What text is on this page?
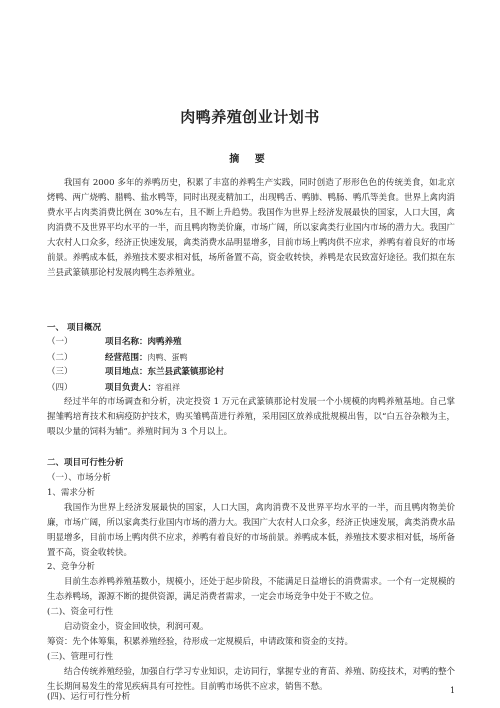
肉鸭养殖创业计划书
摘 要
我国有 2000 多年的养鸭历史，积累了丰富的养鸭生产实践，同时创造了形形色色的传统美食，如北京烤鸭、两广烧鸭、腊鸭、盐水鸭等，同时出现麦精加工，出现鸭舌、鸭肺、鸭肠、鸭爪等美食。世界上禽肉消费水平占肉类消费比例在 30%左右，且不断上升趋势。我国作为世界上经济发展最快的国家，人口大国，禽肉消费不及世界平均水平的一半，而且鸭肉物美价廉，市场广阔，所以家禽类行业国内市场的潜力大。我国广大农村人口众多，经济正快速发展，禽类消费水品明显增多，目前市场上鸭肉供不应求，养鸭有着良好的市场前景。养鸭成本低，养殖技术要求相对低，场所备置不高，资金收转快，养鸭是农民致富好途径。我们拟在东兰县武篆镇那论村发展肉鸭生态养殖业。
一、 项目概况
（一）	项目名称：肉鸭养殖
（二）	经营范围：肉鸭、蛋鸭
（三）	项目地点：东兰县武篆镇那论村
（四）	项目负责人：容祖祥
经过半年的市场调查和分析，决定投资 1 万元在武篆镇那论村发展一个小规模的肉鸭养殖基地。自己掌握雏鸭培育技术和病疫防护技术，购买雏鸭苗进行养殖，采用园区放养成批规模出售，以“白五谷杂粮为主，喂以少量的饲料为辅”。养殖时间为 3 个月以上。
二、项目可行性分析
（一）、市场分析
1、需求分析
我国作为世界上经济发展最快的国家，人口大国，禽肉消费不及世界平均水平的一半，而且鸭肉物美价廉，市场广阔，所以家禽类行业国内市场的潜力大。我国广大农村人口众多，经济正快速发展，禽类消费水品明显增多，目前市场上鸭肉供不应求，养鸭有着良好的市场前景。养鸭成本低，养殖技术要求相对低，场所备置不高，资金收转快。
2、竞争分析
目前生态养鸭养殖基数小，规模小，还处于起步阶段，不能满足日益增长的消费需求。一个有一定规模的生态养鸭场，源源不断的提供资源，满足消费者需求，一定会市场竞争中处于不败之位。
(二)、资金可行性
启动资金小，资金回收快，利润可观。
筹资：先个体筹集，积累养殖经验，待形成一定规模后，申请政策和资金的支持。
(三)、管理可行性
结合传统养殖经验，加强自行学习专业知识，走访同行，掌握专业的育苗、养殖、防疫技术，对鸭的整个生长期间易发生的常见疾病具有可控性。目前鸭市场供不应求，销售不愁。
(四)、运行可行性分析
1
